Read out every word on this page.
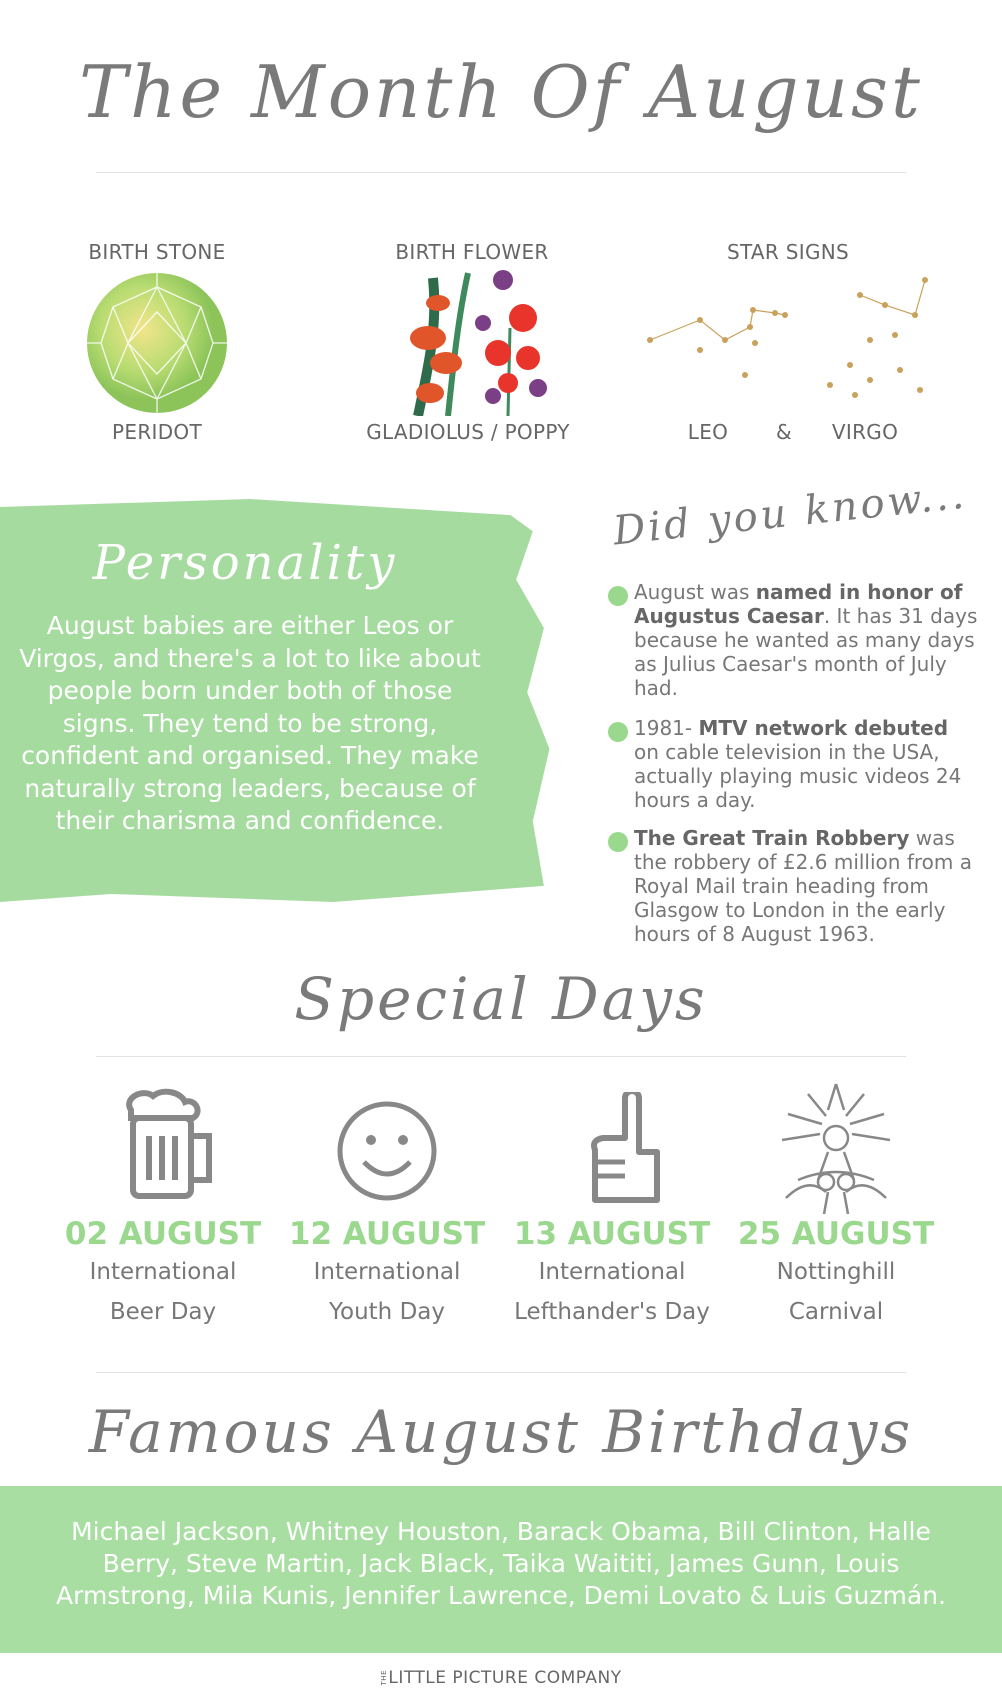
The Month Of August
BIRTH STONE
PERIDOT
BIRTH FLOWER
GLADIOLUS / POPPY
STAR SIGNS
LEO	&	VIRGO
Personality
August babies are either Leos or Virgos, and there's a lot to like about people born under both of those signs. They tend to be strong, confident and organised. They make naturally strong leaders, because of their charisma and confidence.
Did you know...

August was named in honor of Augustus Caesar. It has 31 days because he wanted as many days as Julius Caesar's month of July had.

1981- MTV network debuted on cable television in the USA, actually playing music videos 24 hours a day.

The Great Train Robbery was the robbery of £2.6 million from a Royal Mail train heading from Glasgow to London in the early hours of 8 August 1963.

Special Days
02 AUGUST
International
Beer Day
12 AUGUST
International
Youth Day
13 AUGUST
International
Lefthander's Day
25 AUGUST
Nottinghill
Carnival
Famous August Birthdays

Michael Jackson, Whitney Houston, Barack Obama, Bill Clinton, Halle Berry, Steve Martin, Jack Black, Taika Waititi, James Gunn, Louis Armstrong, Mila Kunis, Jennifer Lawrence, Demi Lovato & Luis Guzmán.

THELITTLE PICTURE COMPANY
